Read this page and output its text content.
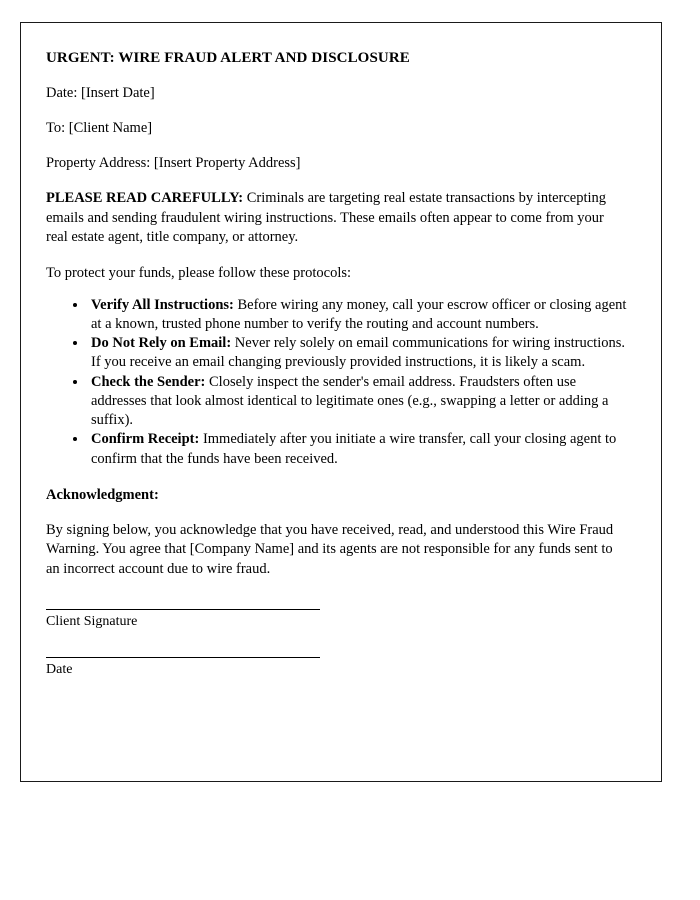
URGENT: WIRE FRAUD ALERT AND DISCLOSURE

Date: [Insert Date]

To: [Client Name]

Property Address: [Insert Property Address]

PLEASE READ CAREFULLY: Criminals are targeting real estate transactions by intercepting emails and sending fraudulent wiring instructions. These emails often appear to come from your real estate agent, title company, or attorney.

To protect your funds, please follow these protocols:

• Verify All Instructions: Before wiring any money, call your escrow officer or closing agent at a known, trusted phone number to verify the routing and account numbers.
• Do Not Rely on Email: Never rely solely on email communications for wiring instructions. If you receive an email changing previously provided instructions, it is likely a scam.
• Check the Sender: Closely inspect the sender's email address. Fraudsters often use addresses that look almost identical to legitimate ones (e.g., swapping a letter or adding a suffix).
• Confirm Receipt: Immediately after you initiate a wire transfer, call your closing agent to confirm that the funds have been received.

Acknowledgment:

By signing below, you acknowledge that you have received, read, and understood this Wire Fraud Warning. You agree that [Company Name] and its agents are not responsible for any funds sent to an incorrect account due to wire fraud.

Client Signature

Date
